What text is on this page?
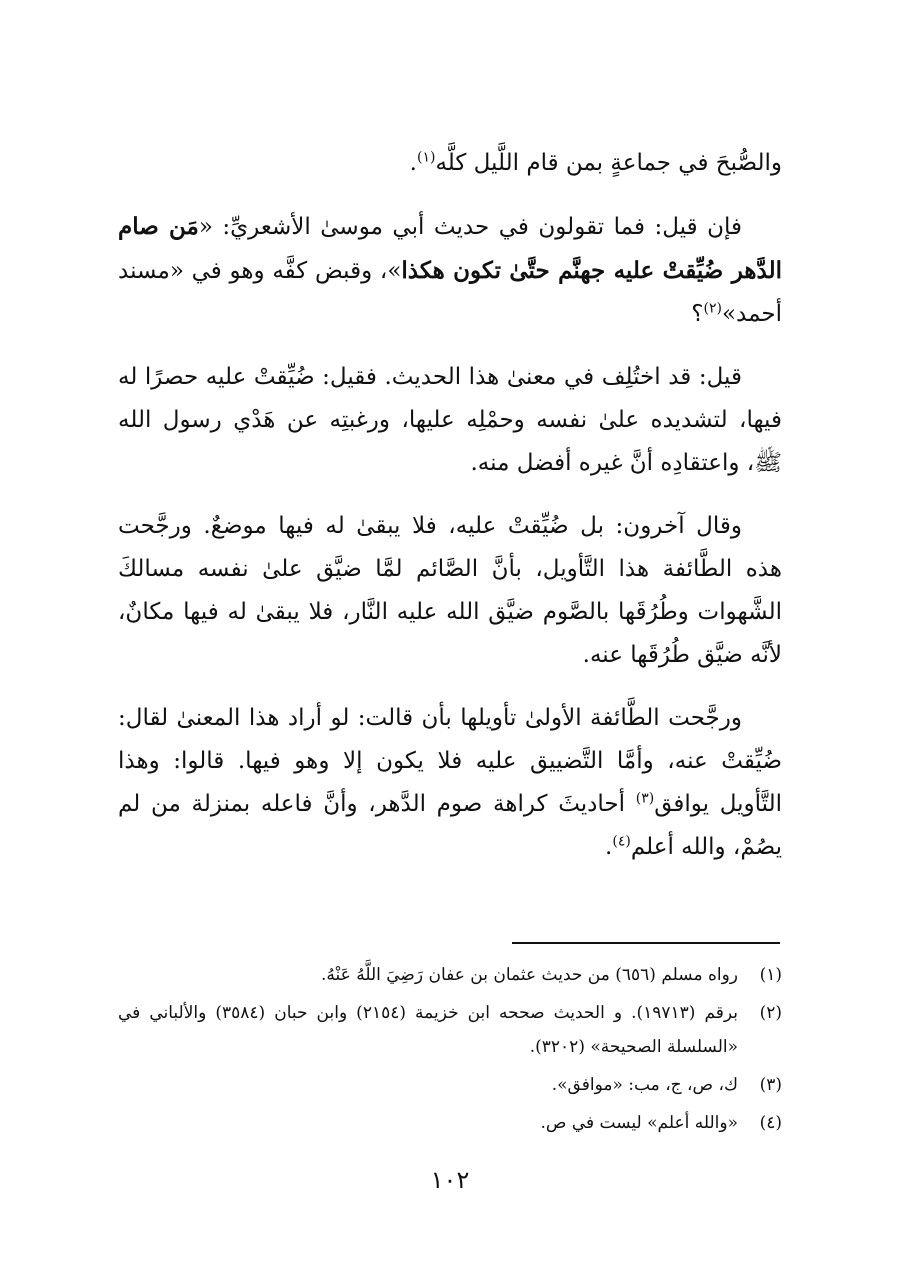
والصُّبحَ في جماعةٍ بمن قام اللَّيل كلَّه$^{(١)}$.

فإن قيل: فما تقولون في حديث أبي موسىٰ الأشعريِّ: «مَن صام الدَّهر ضُيِّقتْ عليه جهنَّم حتَّىٰ تكون هكذا»، وقبض كفَّه وهو في «مسند أحمد»$^{(٢)}$؟

قيل: قد اختُلِف في معنىٰ هذا الحديث. فقيل: ضُيِّقتْ عليه حصرًا له فيها، لتشديده علىٰ نفسه وحمْلِه عليها، ورغبتِه عن هَدْي رسول الله ﷺ، واعتقادِه أنَّ غيره أفضل منه.

وقال آخرون: بل ضُيِّقتْ عليه، فلا يبقىٰ له فيها موضعٌ. ورجَّحت هذه الطَّائفة هذا التَّأويل، بأنَّ الصَّائم لمَّا ضيَّق علىٰ نفسه مسالكَ الشَّهوات وطُرُقَها بالصَّوم ضيَّق الله عليه النَّار، فلا يبقىٰ له فيها مكانٌ، لأنَّه ضيَّق طُرُقَها عنه.

ورجَّحت الطَّائفة الأولىٰ تأويلها بأن قالت: لو أراد هذا المعنىٰ لقال: ضُيِّقتْ عنه، وأمَّا التَّضييق عليه فلا يكون إلا وهو فيها. قالوا: وهذا التَّأويل يوافق$^{(٣)}$ أحاديثَ كراهة صوم الدَّهر، وأنَّ فاعله بمنزلة من لم يصُمْ، والله أعلم$^{(٤)}$.

(١)
رواه مسلم (٦٥٦) من حديث عثمان بن عفان رَضِيَ اللَّهُ عَنْهُ.
(٢)
برقم (١٩٧١٣). و الحديث صححه ابن خزيمة (٢١٥٤) وابن حبان (٣٥٨٤) والألباني في «السلسلة الصحيحة» (٣٢٠٢).
(٣)
ك، ص، ج، مب: «موافق».
(٤)
«والله أعلم» ليست في ص.
١٠٢
